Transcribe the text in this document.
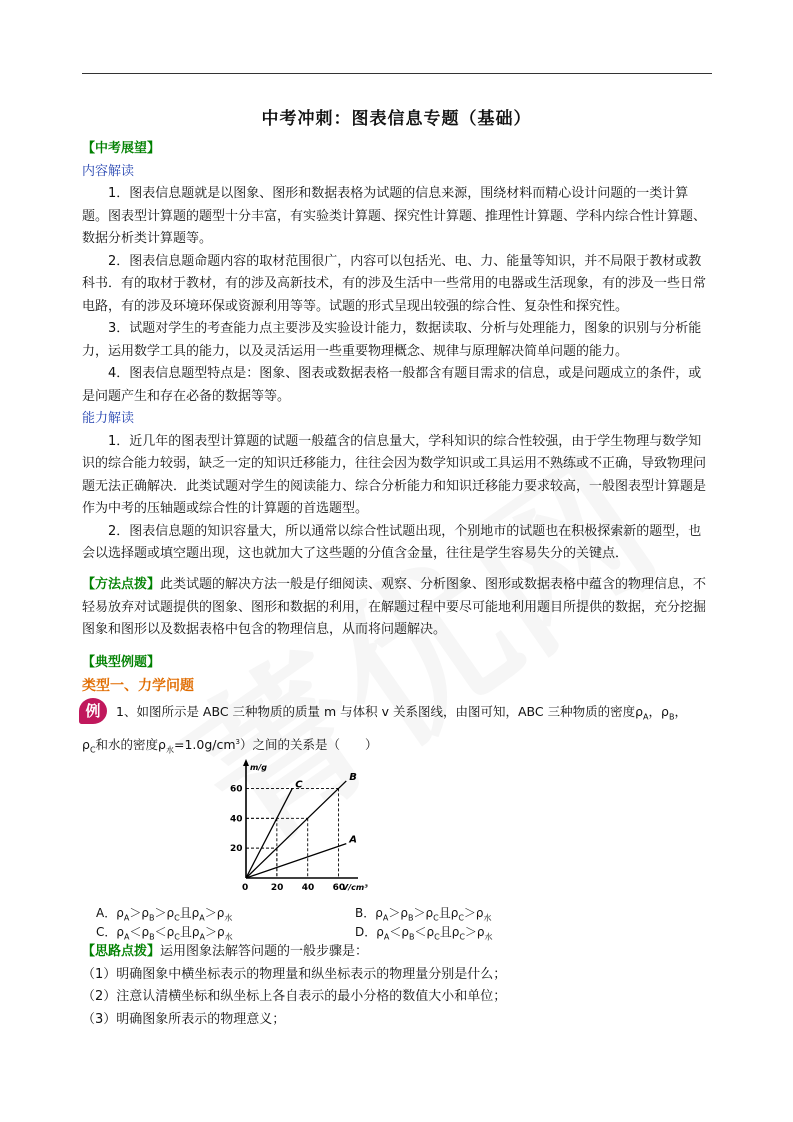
中考冲刺：图表信息专题（基础）

【中考展望】

内容解读

1．图表信息题就是以图象、图形和数据表格为试题的信息来源，围绕材料而精心设计问题的一类计算题。图表型计算题的题型十分丰富，有实验类计算题、探究性计算题、推理性计算题、学科内综合性计算题、数据分析类计算题等。

2．图表信息题命题内容的取材范围很广，内容可以包括光、电、力、能量等知识，并不局限于教材或教科书．有的取材于教材，有的涉及高新技术，有的涉及生活中一些常用的电器或生活现象，有的涉及一些日常电路，有的涉及环境环保或资源利用等等。试题的形式呈现出较强的综合性、复杂性和探究性。

3．试题对学生的考查能力点主要涉及实验设计能力，数据读取、分析与处理能力，图象的识别与分析能力，运用数学工具的能力，以及灵活运用一些重要物理概念、规律与原理解决简单问题的能力。

4．图表信息题型特点是：图象、图表或数据表格一般都含有题目需求的信息，或是问题成立的条件，或是问题产生和存在必备的数据等等。

能力解读

1．近几年的图表型计算题的试题一般蕴含的信息量大，学科知识的综合性较强，由于学生物理与数学知识的综合能力较弱，缺乏一定的知识迁移能力，往往会因为数学知识或工具运用不熟练或不正确，导致物理问题无法正确解决．此类试题对学生的阅读能力、综合分析能力和知识迁移能力要求较高，一般图表型计算题是作为中考的压轴题或综合性的计算题的首选题型。

2．图表信息题的知识容量大，所以通常以综合性试题出现，个别地市的试题也在积极探索新的题型，也会以选择题或填空题出现，这也就加大了这些题的分值含金量，往往是学生容易失分的关键点．

【方法点拨】此类试题的解决方法一般是仔细阅读、观察、分析图象、图形或数据表格中蕴含的物理信息，不轻易放弃对试题提供的图象、图形和数据的利用，在解题过程中要尽可能地利用题目所提供的数据，充分挖掘图象和图形以及数据表格中包含的物理信息，从而将问题解决。

【典型例题】

类型一、力学问题

例	1、如图所示是 ABC 三种物质的质量 m 与体积 v 关系图线，由图可知，ABC 三种物质的密度$\rho_A$，$\rho_B$，
$\rho_C$和水的密度$\rho_水=1.0g/cm^3$）之间的关系是（　　）
C
B
A
0	20 40 60
20
40
60
V/cm³
m/g
A．$\rho_A>\rho_B>\rho_C$且$\rho_A>\rho_水$	B．$\rho_A>\rho_B>\rho_C$且$\rho_C>\rho_水$
C．$\rho_A<\rho_B<\rho_C$且$\rho_A>\rho_水$	D．$\rho_A<\rho_B<\rho_C$且$\rho_C>\rho_水$

【思路点拨】运用图象法解答问题的一般步骤是：

（1）明确图象中横坐标表示的物理量和纵坐标表示的物理量分别是什么；

（2）注意认清横坐标和纵坐标上各自表示的最小分格的数值大小和单位；

（3）明确图象所表示的物理意义；
